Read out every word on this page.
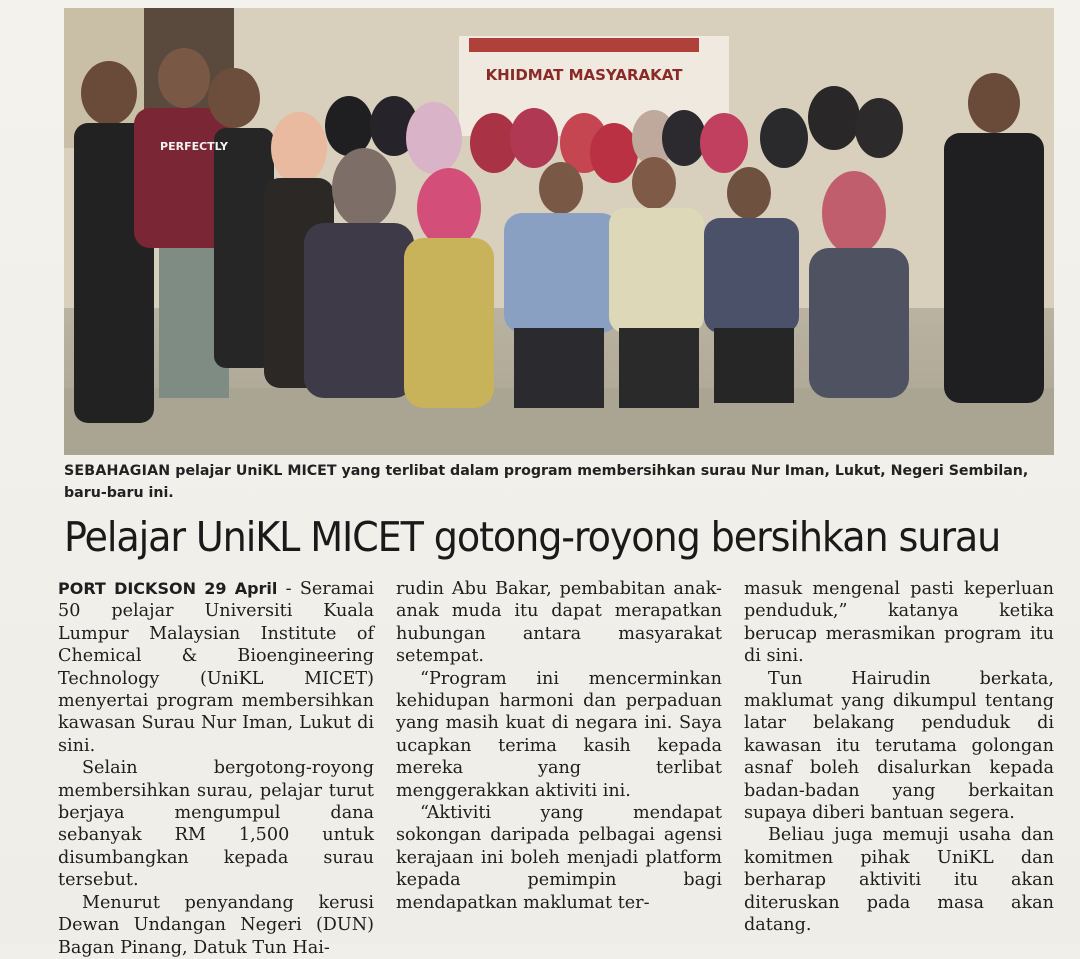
KHIDMAT MASYARAKAT
PERFECTLY
SEBAHAGIAN pelajar UniKL MICET yang terlibat dalam program membersihkan surau Nur Iman, Lukut, Negeri Sembilan, baru-baru ini.
Pelajar UniKL MICET gotong-royong bersihkan surau

PORT DICKSON 29 April - Seramai 50 pelajar Universiti Kuala Lumpur Malaysian Institute of Chemical & Bioengineering Technology (UniKL MICET) menyertai program membersihkan kawasan Surau Nur Iman, Lukut di sini.

Selain bergotong-royong membersihkan surau, pelajar turut berjaya mengumpul dana sebanyak RM 1,500 untuk disumbangkan kepada surau tersebut.

Menurut penyandang kerusi Dewan Undangan Negeri (DUN) Bagan Pinang, Datuk Tun Hai-

rudin Abu Bakar, pembabitan anak-anak muda itu dapat merapatkan hubungan antara masyarakat setempat.

“Program ini mencerminkan kehidupan harmoni dan perpaduan yang masih kuat di negara ini. Saya ucapkan terima kasih kepada mereka yang terlibat menggerakkan aktiviti ini.

“Aktiviti yang mendapat sokongan daripada pelbagai agensi kerajaan ini boleh menjadi platform kepada pemimpin bagi mendapatkan maklumat ter-

masuk mengenal pasti keperluan penduduk,” katanya ketika berucap merasmikan program itu di sini.

Tun Hairudin berkata, maklumat yang dikumpul tentang latar belakang penduduk di kawasan itu terutama golongan asnaf boleh disalurkan kepada badan-badan yang berkaitan supaya diberi bantuan segera.

Beliau juga memuji usaha dan komitmen pihak UniKL dan berharap aktiviti itu akan diteruskan pada masa akan datang.
